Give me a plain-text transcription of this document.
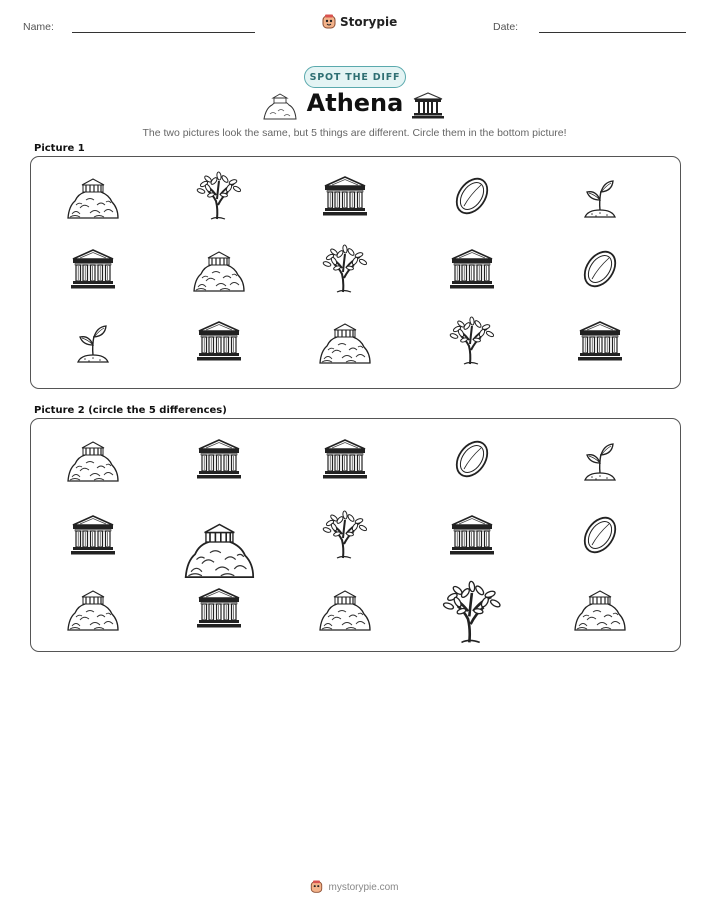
Name:	Storypie	Date:
SPOT THE DIFF
Athena
The two pictures look the same, but 5 things are different. Circle them in the bottom picture!
Picture 1
Picture 2 (circle the 5 differences)
mystorypie.com
